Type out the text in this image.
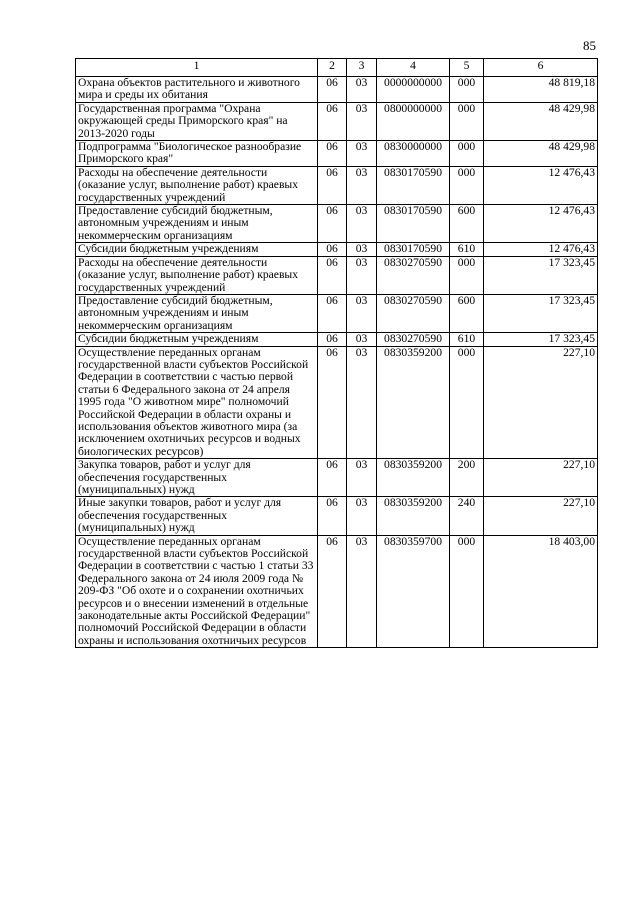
85
1	2	3	4	5	6
Охрана объектов растительного и животного мира и среды их обитания	06	03	0000000000	000	48 819,18
Государственная программа "Охрана окружающей среды Приморского края" на 2013-2020 годы	06	03	0800000000	000	48 429,98
Подпрограмма "Биологическое разнообразие Приморского края"	06	03	0830000000	000	48 429,98
Расходы на обеспечение деятельности (оказание услуг, выполнение работ) краевых государственных учреждений	06	03	0830170590	000	12 476,43
Предоставление субсидий бюджетным, автономным учреждениям и иным некоммерческим организациям	06	03	0830170590	600	12 476,43
Субсидии бюджетным учреждениям	06	03	0830170590	610	12 476,43
Расходы на обеспечение деятельности (оказание услуг, выполнение работ) краевых государственных учреждений	06	03	0830270590	000	17 323,45
Предоставление субсидий бюджетным, автономным учреждениям и иным некоммерческим организациям	06	03	0830270590	600	17 323,45
Субсидии бюджетным учреждениям	06	03	0830270590	610	17 323,45
Осуществление переданных органам государственной власти субъектов Российской Федерации в соответствии с частью первой статьи 6 Федерального закона от 24 апреля 1995 года "О животном мире" полномочий Российской Федерации в области охраны и использования объектов животного мира (за исключением охотничьих ресурсов и водных биологических ресурсов)	06	03	0830359200	000	227,10
Закупка товаров, работ и услуг для обеспечения государственных (муниципальных) нужд	06	03	0830359200	200	227,10
Иные закупки товаров, работ и услуг для обеспечения государственных (муниципальных) нужд	06	03	0830359200	240	227,10
Осуществление переданных органам государственной власти субъектов Российской Федерации в соответствии с частью 1 статьи 33 Федерального закона от 24 июля 2009 года № 209-ФЗ "Об охоте и о сохранении охотничьих ресурсов и о внесении изменений в отдельные законодательные акты Российской Федерации" полномочий Российской Федерации в области охраны и использования охотничьих ресурсов	06	03	0830359700	000	18 403,00
